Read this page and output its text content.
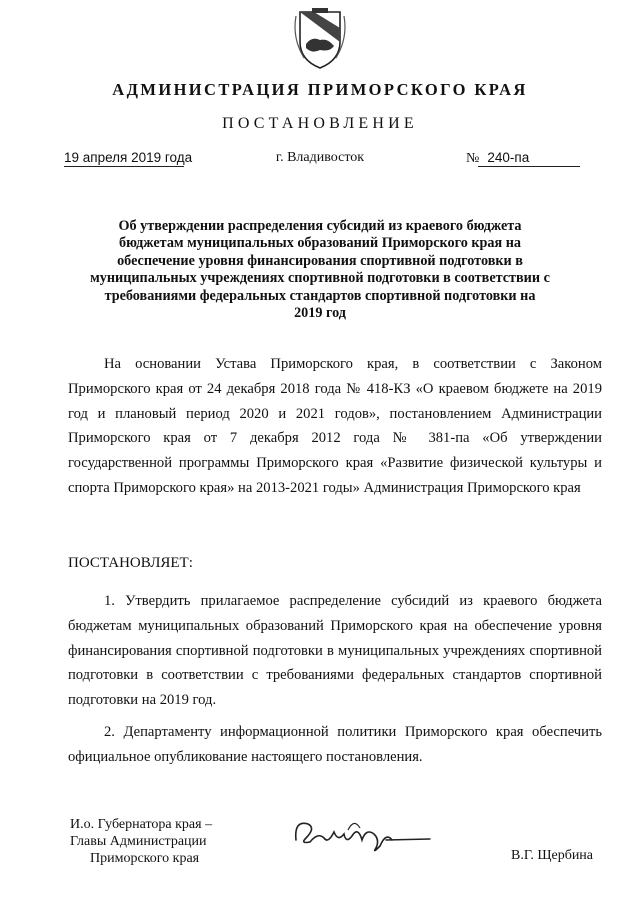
АДМИНИСТРАЦИЯ ПРИМОРСКОГО КРАЯ
ПОСТАНОВЛЕНИЕ
19 апреля 2019 года	г. Владивосток	№ 240-па
Об утверждении распределения субсидий из краевого бюджета бюджетам муниципальных образований Приморского края на обеспечение уровня финансирования спортивной подготовки в муниципальных учреждениях спортивной подготовки в соответствии с требованиями федеральных стандартов спортивной подготовки на 2019 год
На основании Устава Приморского края, в соответствии с Законом Приморского края от 24 декабря 2018 года № 418-КЗ «О краевом бюджете на 2019 год и плановый период 2020 и 2021 годов», постановлением Администрации Приморского края от 7 декабря 2012 года № 381-па «Об утверждении государственной программы Приморского края «Развитие физической культуры и спорта Приморского края» на 2013-2021 годы» Администрация Приморского края
ПОСТАНОВЛЯЕТ:
1. Утвердить прилагаемое распределение субсидий из краевого бюджета бюджетам муниципальных образований Приморского края на обеспечение уровня финансирования спортивной подготовки в муниципальных учреждениях спортивной подготовки в соответствии с требованиями федеральных стандартов спортивной подготовки на 2019 год.
2. Департаменту информационной политики Приморского края обеспечить официальное опубликование настоящего постановления.
И.о. Губернатора края –
Главы Администрации
Приморского края	В.Г. Щербина
